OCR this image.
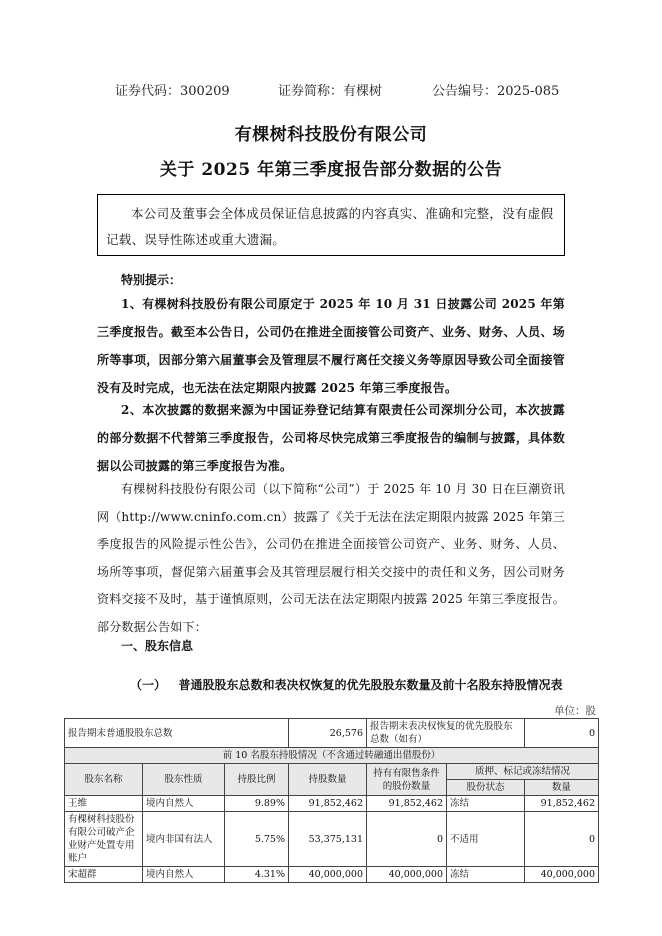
证券代码：300209	证券简称：有棵树	公告编号：2025-085
有棵树科技股份有限公司
关于 2025 年第三季度报告部分数据的公告
本公司及董事会全体成员保证信息披露的内容真实、准确和完整，没有虚假记载、误导性陈述或重大遗漏。
特别提示：
1、有棵树科技股份有限公司原定于 2025 年 10 月 31 日披露公司 2025 年第三季度报告。截至本公告日，公司仍在推进全面接管公司资产、业务、财务、人员、场所等事项，因部分第六届董事会及管理层不履行离任交接义务等原因导致公司全面接管没有及时完成，也无法在法定期限内披露 2025 年第三季度报告。
2、本次披露的数据来源为中国证券登记结算有限责任公司深圳分公司，本次披露的部分数据不代替第三季度报告，公司将尽快完成第三季度报告的编制与披露，具体数据以公司披露的第三季度报告为准。
有棵树科技股份有限公司（以下简称“公司”）于 2025 年 10 月 30 日在巨潮资讯网（http://www.cninfo.com.cn）披露了《关于无法在法定期限内披露 2025 年第三季度报告的风险提示性公告》，公司仍在推进全面接管公司资产、业务、财务、人员、场所等事项，督促第六届董事会及其管理层履行相关交接中的责任和义务，因公司财务资料交接不及时，基于谨慎原则，公司无法在法定期限内披露 2025 年第三季度报告。部分数据公告如下：
一、股东信息
（一）   普通股股东总数和表决权恢复的优先股股东数量及前十名股东持股情况表
单位：股
报告期末普通股股东总数			26,576	报告期末表决权恢复的优先股股东总数（如有）		0
前 10 名股东持股情况（不含通过转融通出借股份）						
股东名称	股东性质	持股比例	持股数量	持有有限售条件的股份数量	质押、标记或冻结情况	
					股份状态	数量
王维	境内自然人	9.89%	91,852,462	91,852,462	冻结	91,852,462
有棵树科技股份有限公司破产企业财产处置专用账户	境内非国有法人	5.75%	53,375,131	0	不适用	0
宋超群	境内自然人	4.31%	40,000,000	40,000,000	冻结	40,000,000
